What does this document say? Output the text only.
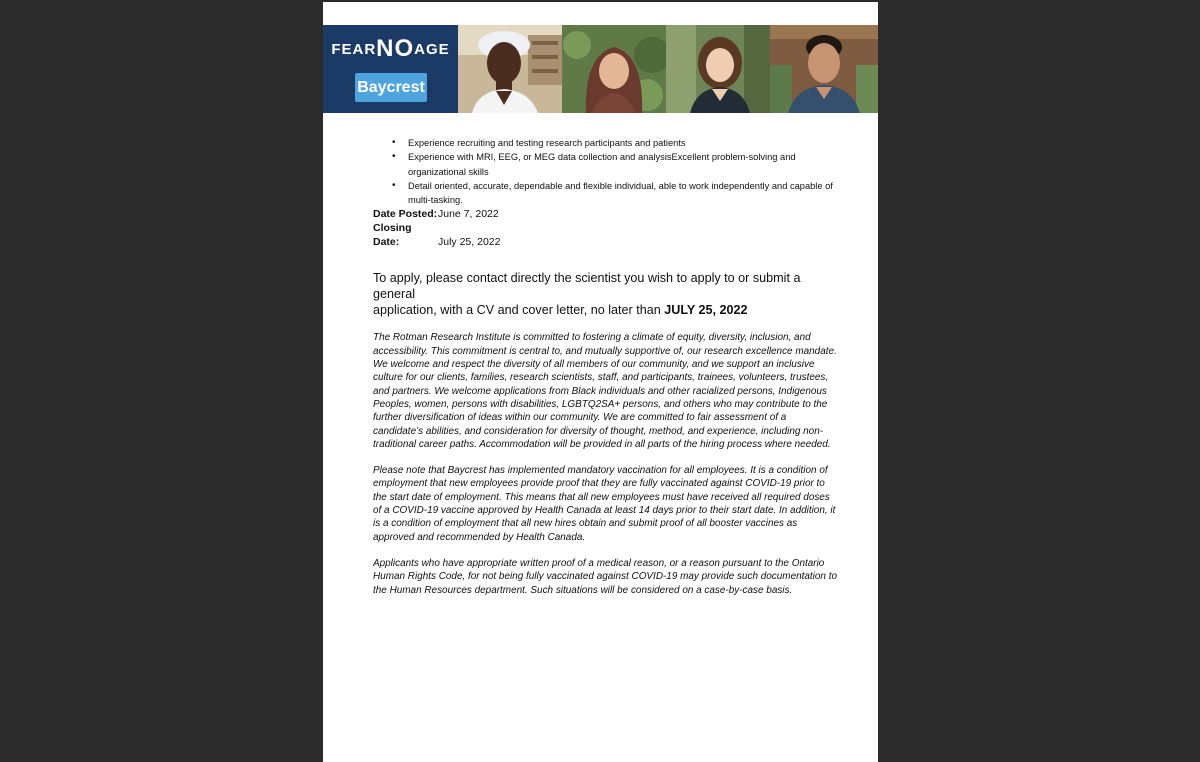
FEARNOAGE
Baycrest
• Experience recruiting and testing research participants and patients
• Experience with MRI, EEG, or MEG data collection and analysisExcellent problem-solving and
organizational skills
• Detail oriented, accurate, dependable and flexible individual, able to work independently and capable of
multi-tasking.
Date Posted:June 7, 2022
Closing Date:	July 25, 2022
To apply, please contact directly the scientist you wish to apply to or submit a general
application, with a CV and cover letter, no later than JULY 25, 2022
The Rotman Research Institute is committed to fostering a climate of equity, diversity, inclusion, and
accessibility. This commitment is central to, and mutually supportive of, our research excellence mandate.
We welcome and respect the diversity of all members of our community, and we support an inclusive
culture for our clients, families, research scientists, staff, and participants, trainees, volunteers, trustees,
and partners. We welcome applications from Black individuals and other racialized persons, Indigenous
Peoples, women, persons with disabilities, LGBTQ2SA+ persons, and others who may contribute to the
further diversification of ideas within our community. We are committed to fair assessment of a
candidate’s abilities, and consideration for diversity of thought, method, and experience, including non-
traditional career paths. Accommodation will be provided in all parts of the hiring process where needed.
Please note that Baycrest has implemented mandatory vaccination for all employees. It is a condition of
employment that new employees provide proof that they are fully vaccinated against COVID-19 prior to
the start date of employment. This means that all new employees must have received all required doses
of a COVID-19 vaccine approved by Health Canada at least 14 days prior to their start date. In addition, it
is a condition of employment that all new hires obtain and submit proof of all booster vaccines as
approved and recommended by Health Canada.
Applicants who have appropriate written proof of a medical reason, or a reason pursuant to the Ontario
Human Rights Code, for not being fully vaccinated against COVID-19 may provide such documentation to
the Human Resources department. Such situations will be considered on a case-by-case basis.
